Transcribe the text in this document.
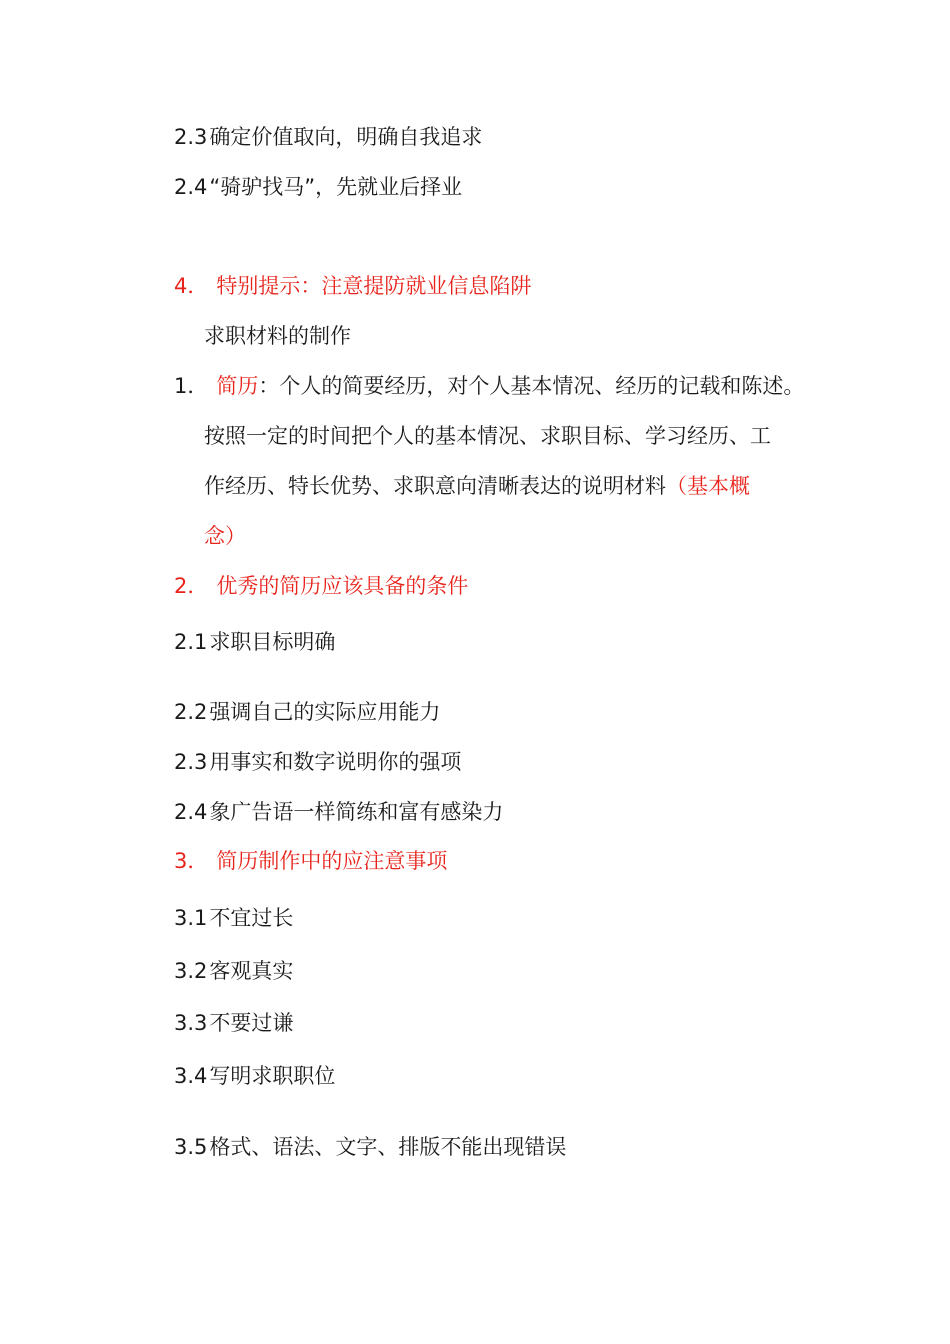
2.3确定价值取向，明确自我追求
2.4“骑驴找马”，先就业后择业
4． 特别提示：注意提防就业信息陷阱
求职材料的制作
1． 简历：个人的简要经历，对个人基本情况、经历的记载和陈述。
按照一定的时间把个人的基本情况、求职目标、学习经历、工
作经历、特长优势、求职意向清晰表达的说明材料（基本概
念）
2． 优秀的简历应该具备的条件
2.1求职目标明确
2.2强调自己的实际应用能力
2.3用事实和数字说明你的强项
2.4象广告语一样简练和富有感染力
3． 简历制作中的应注意事项
3.1不宜过长
3.2客观真实
3.3不要过谦
3.4写明求职职位
3.5格式、语法、文字、排版不能出现错误
